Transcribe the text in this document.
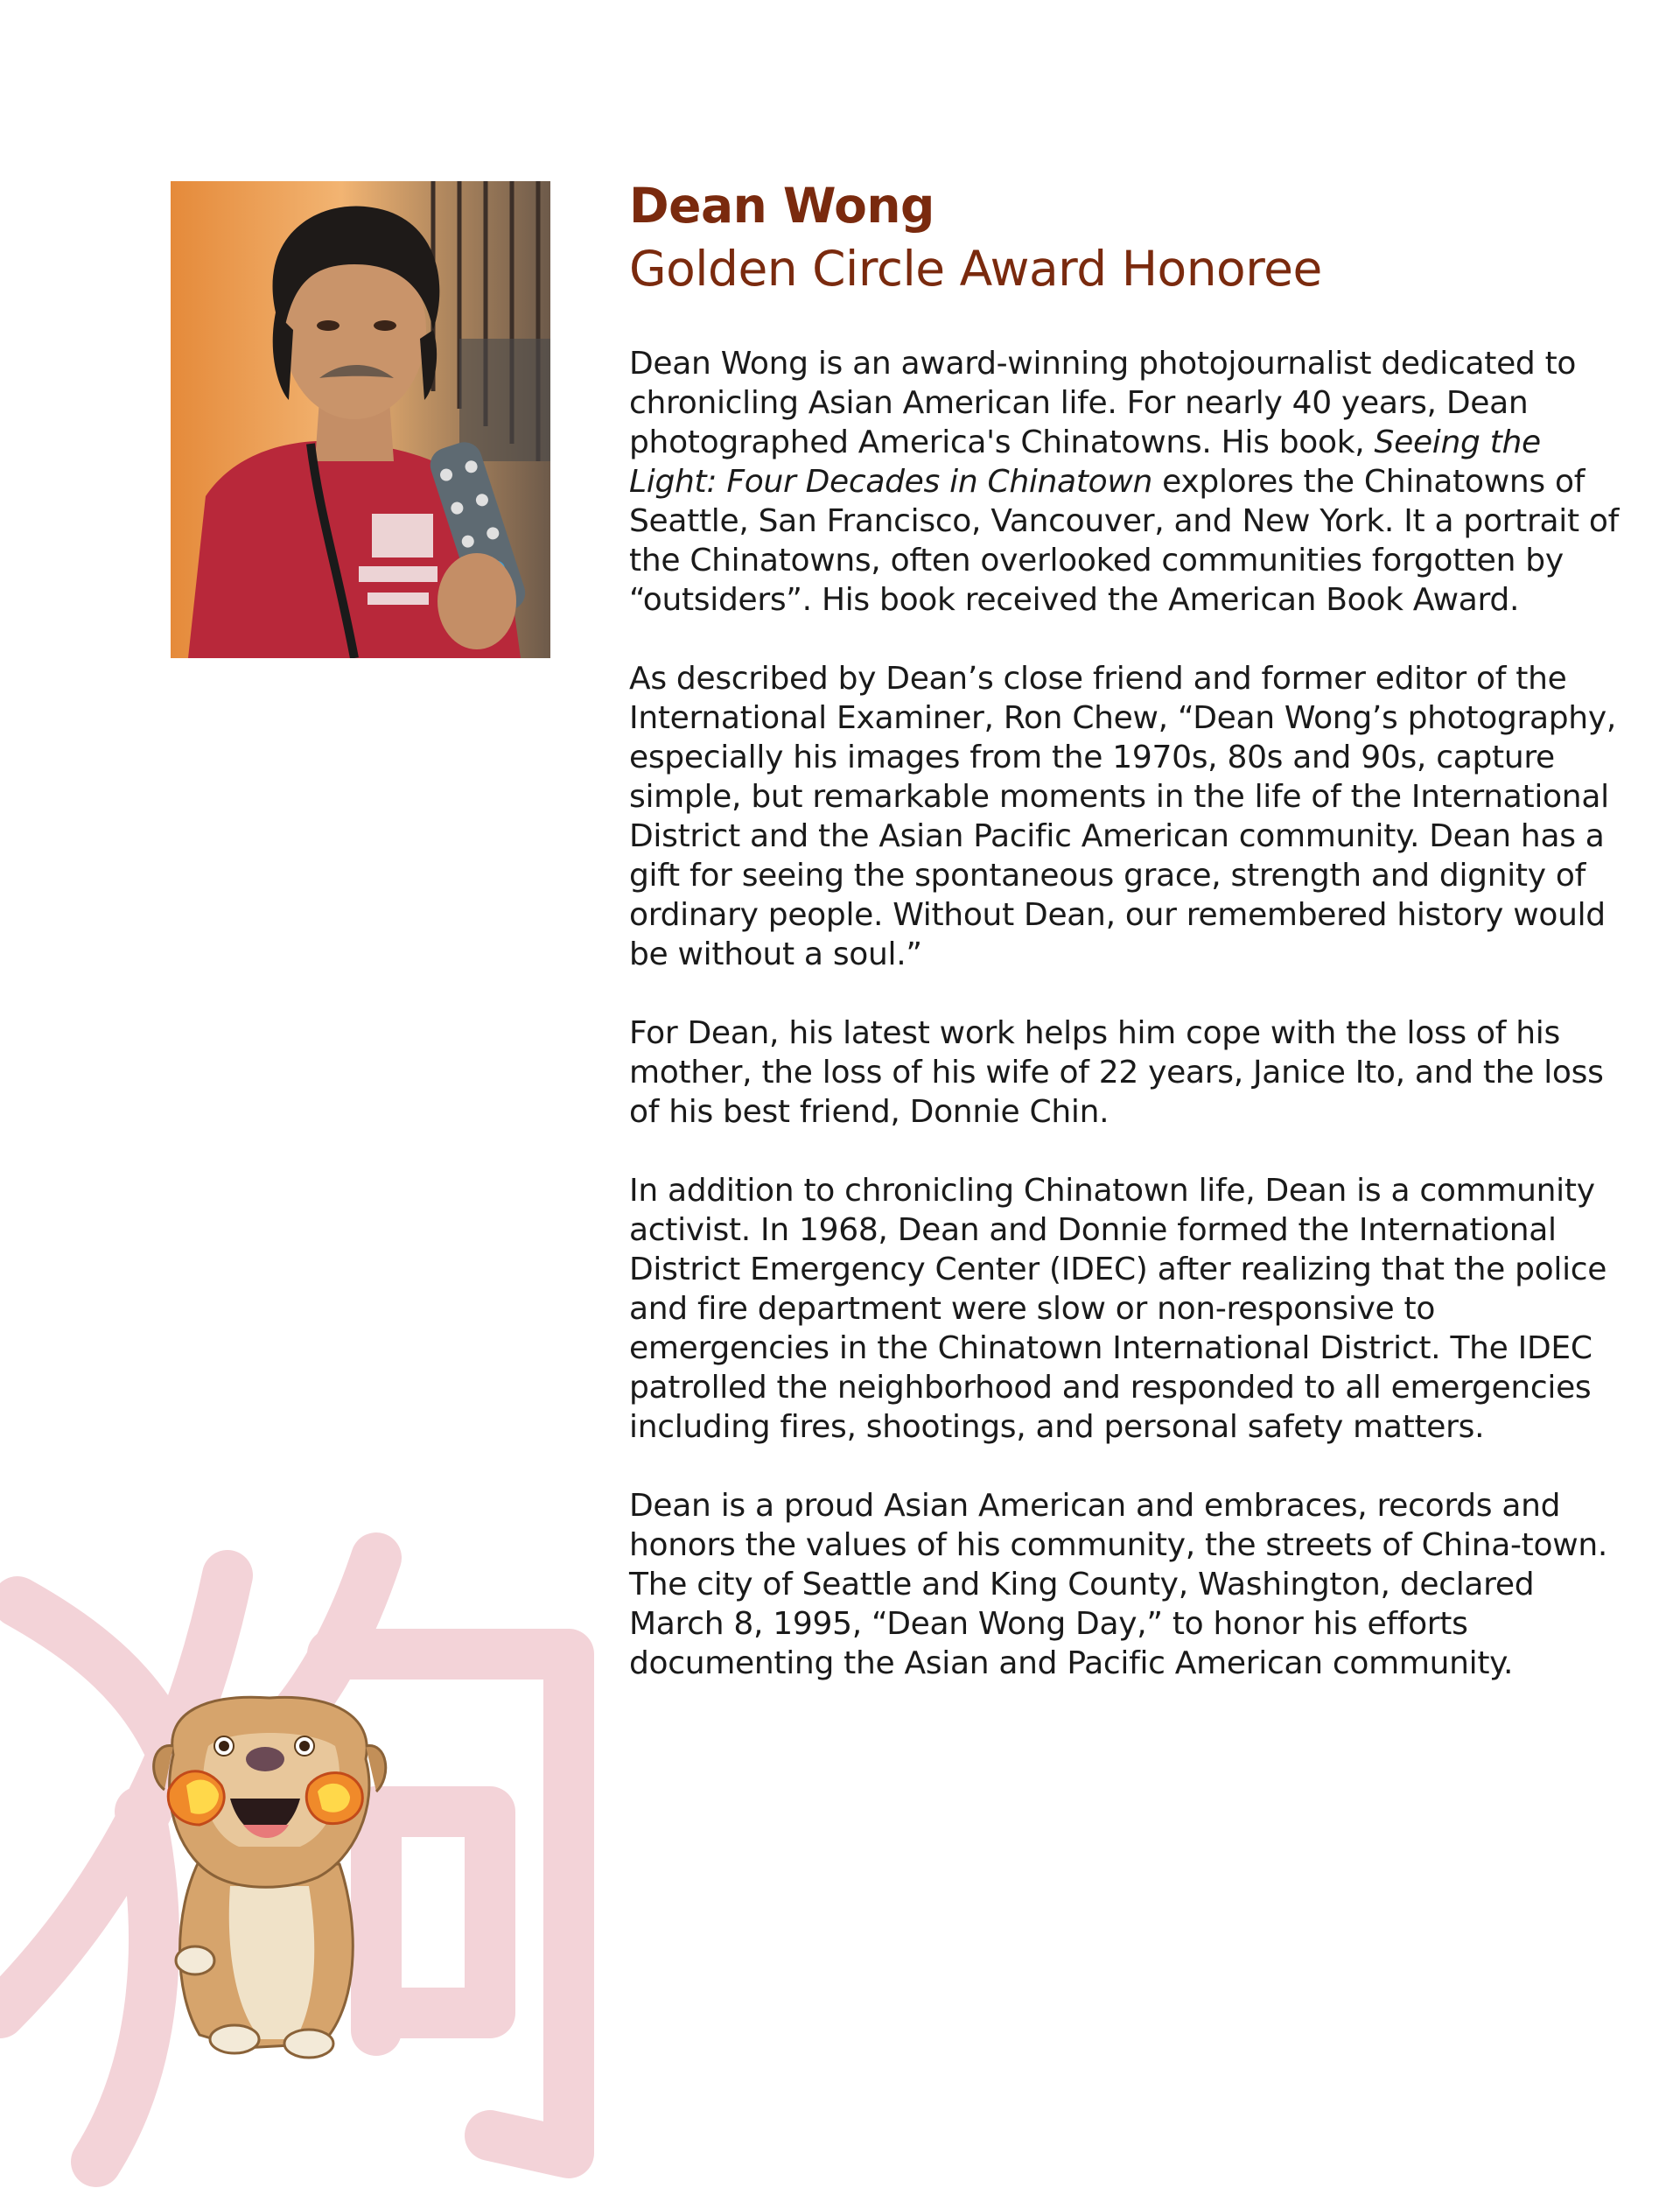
Dean Wong
Golden Circle Award Honoree

Dean Wong is an award-winning photojournalist dedicated to chronicling Asian American life. For nearly 40 years, Dean photographed America's Chinatowns. His book, Seeing the Light: Four Decades in Chinatown explores the Chinatowns of Seattle, San Francisco, Vancouver, and New York. It a portrait of the Chinatowns, often overlooked communities forgotten by “outsiders”. His book received the American Book Award.

As described by Dean’s close friend and former editor of the International Examiner, Ron Chew, “Dean Wong’s photography, especially his images from the 1970s, 80s and 90s, capture simple, but remarkable moments in the life of the International District and the Asian Pacific American community. Dean has a gift for seeing the spontaneous grace, strength and dignity of ordinary people. Without Dean, our remembered history would be without a soul.”

For Dean, his latest work helps him cope with the loss of his mother, the loss of his wife of 22 years, Janice Ito, and the loss of his best friend, Donnie Chin.

In addition to chronicling Chinatown life, Dean is a community activist. In 1968, Dean and Donnie formed the International District Emergency Center (IDEC) after realizing that the police and fire department were slow or non-responsive to emergencies in the Chinatown International District. The IDEC patrolled the neighborhood and responded to all emergencies including fires, shootings, and personal safety matters.

Dean is a proud Asian American and embraces, records and honors the values of his community, the streets of China-town. The city of Seattle and King County, Washington, declared March 8, 1995, “Dean Wong Day,” to honor his efforts documenting the Asian and Pacific American community.
